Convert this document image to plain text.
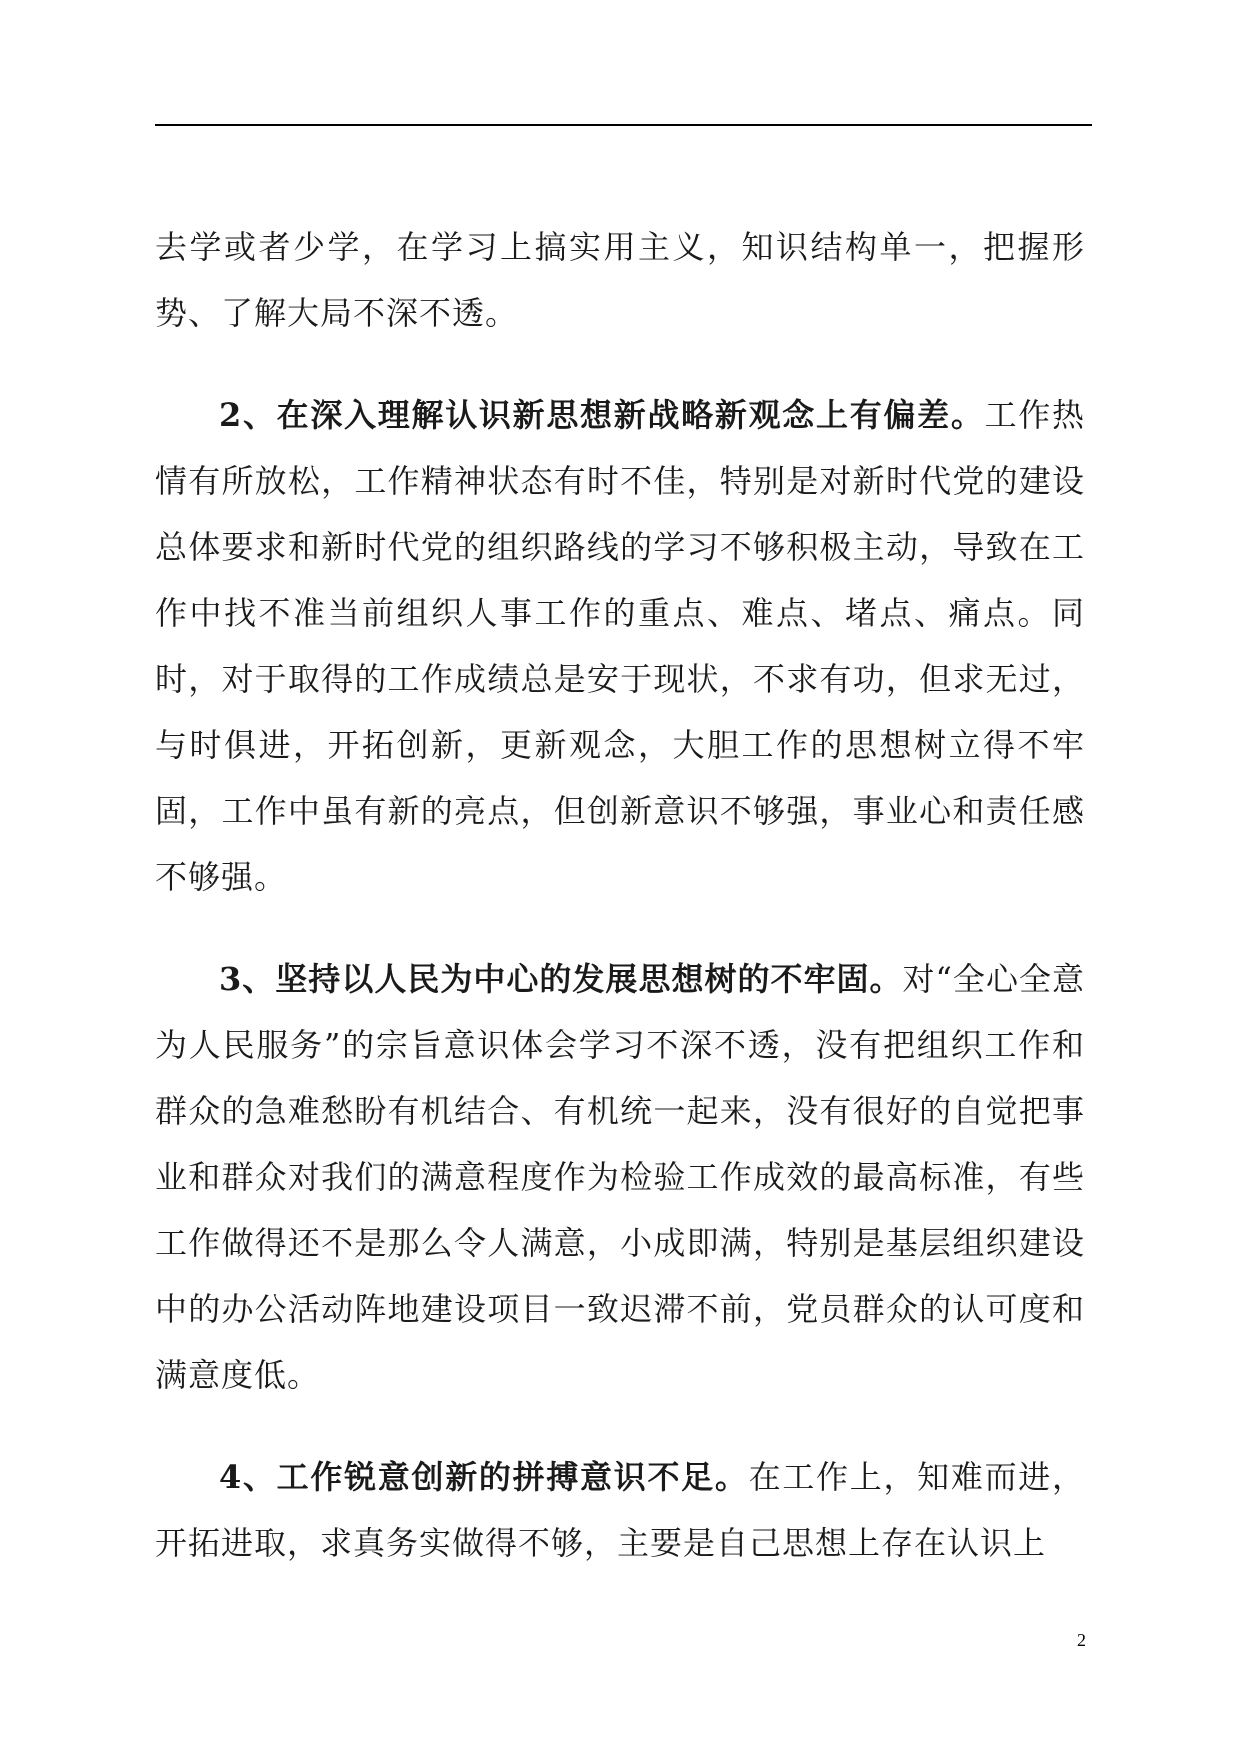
去学或者少学，在学习上搞实用主义，知识结构单一，把握形势、了解大局不深不透。

2、在深入理解认识新思想新战略新观念上有偏差。工作热情有所放松，工作精神状态有时不佳，特别是对新时代党的建设总体要求和新时代党的组织路线的学习不够积极主动，导致在工作中找不准当前组织人事工作的重点、难点、堵点、痛点。同时，对于取得的工作成绩总是安于现状，不求有功，但求无过，与时俱进，开拓创新，更新观念，大胆工作的思想树立得不牢固，工作中虽有新的亮点，但创新意识不够强，事业心和责任感不够强。

3、坚持以人民为中心的发展思想树的不牢固。对“全心全意为人民服务”的宗旨意识体会学习不深不透，没有把组织工作和群众的急难愁盼有机结合、有机统一起来，没有很好的自觉把事业和群众对我们的满意程度作为检验工作成效的最高标准，有些工作做得还不是那么令人满意，小成即满，特别是基层组织建设中的办公活动阵地建设项目一致迟滞不前，党员群众的认可度和满意度低。

4、工作锐意创新的拼搏意识不足。在工作上，知难而进，开拓进取，求真务实做得不够，主要是自己思想上存在认识上

2
